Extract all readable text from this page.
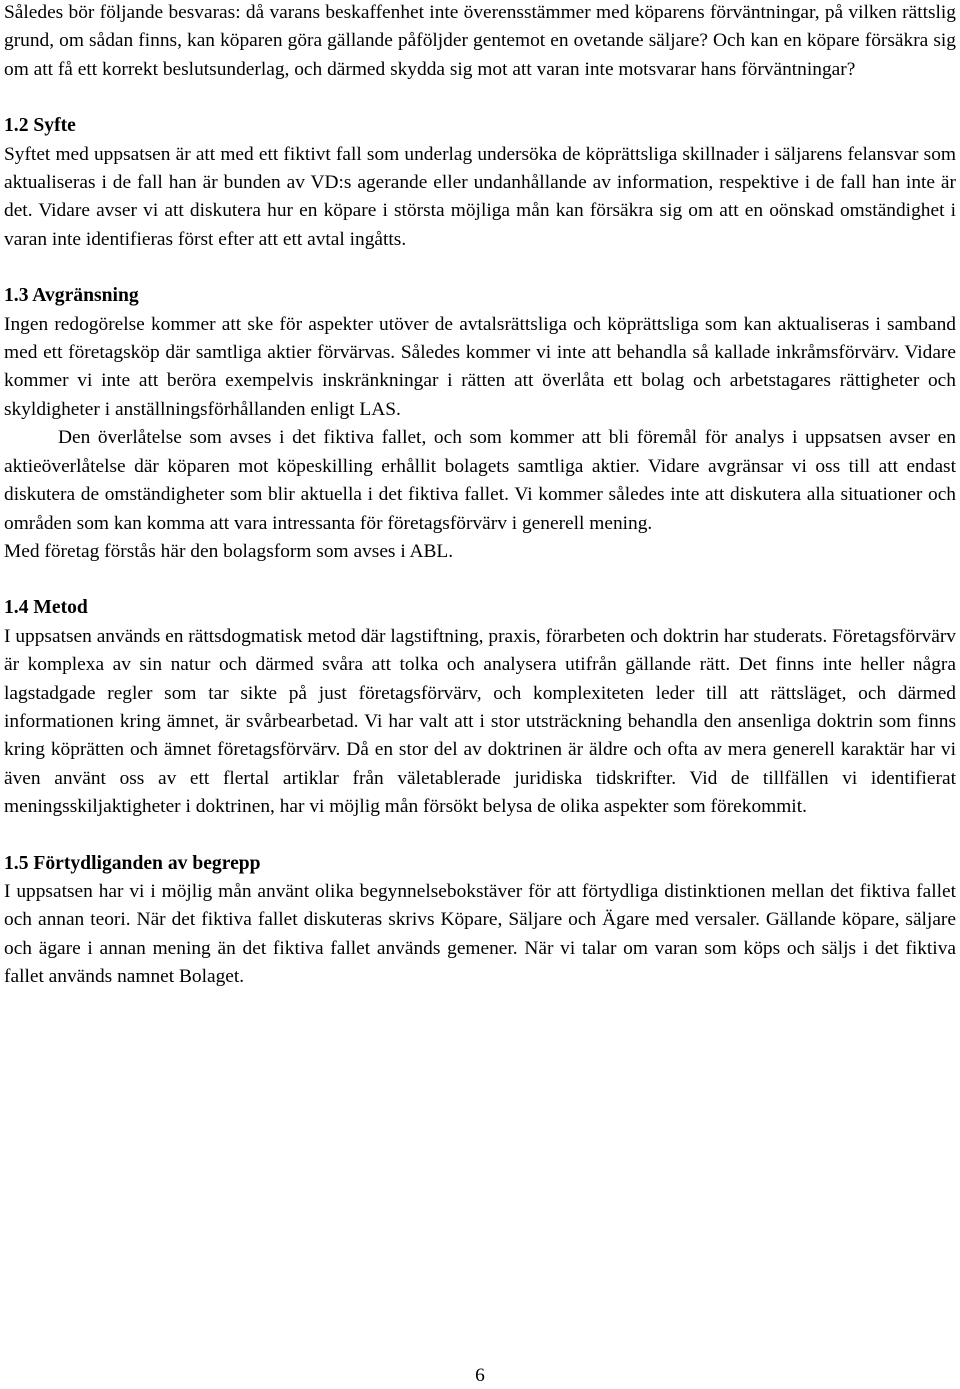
Således bör följande besvaras: då varans beskaffenhet inte överensstämmer med köparens förväntningar, på vilken rättslig grund, om sådan finns, kan köparen göra gällande påföljder gentemot en ovetande säljare? Och kan en köpare försäkra sig om att få ett korrekt beslutsunderlag, och därmed skydda sig mot att varan inte motsvarar hans förväntningar?

1.2 Syfte

Syftet med uppsatsen är att med ett fiktivt fall som underlag undersöka de köprättsliga skillnader i säljarens felansvar som aktualiseras i de fall han är bunden av VD:s agerande eller undanhållande av information, respektive i de fall han inte är det. Vidare avser vi att diskutera hur en köpare i största möjliga mån kan försäkra sig om att en oönskad omständighet i varan inte identifieras först efter att ett avtal ingåtts.

1.3 Avgränsning

Ingen redogörelse kommer att ske för aspekter utöver de avtalsrättsliga och köprättsliga som kan aktualiseras i samband med ett företagsköp där samtliga aktier förvärvas. Således kommer vi inte att behandla så kallade inkråmsförvärv. Vidare kommer vi inte att beröra exempelvis inskränkningar i rätten att överlåta ett bolag och arbetstagares rättigheter och skyldigheter i anställningsförhållanden enligt LAS.

Den överlåtelse som avses i det fiktiva fallet, och som kommer att bli föremål för analys i uppsatsen avser en aktieöverlåtelse där köparen mot köpeskilling erhållit bolagets samtliga aktier. Vidare avgränsar vi oss till att endast diskutera de omständigheter som blir aktuella i det fiktiva fallet. Vi kommer således inte att diskutera alla situationer och områden som kan komma att vara intressanta för företagsförvärv i generell mening.

Med företag förstås här den bolagsform som avses i ABL.

1.4 Metod

I uppsatsen används en rättsdogmatisk metod där lagstiftning, praxis, förarbeten och doktrin har studerats. Företagsförvärv är komplexa av sin natur och därmed svåra att tolka och analysera utifrån gällande rätt. Det finns inte heller några lagstadgade regler som tar sikte på just företagsförvärv, och komplexiteten leder till att rättsläget, och därmed informationen kring ämnet, är svårbearbetad. Vi har valt att i stor utsträckning behandla den ansenliga doktrin som finns kring köprätten och ämnet företagsförvärv. Då en stor del av doktrinen är äldre och ofta av mera generell karaktär har vi även använt oss av ett flertal artiklar från väletablerade juridiska tidskrifter. Vid de tillfällen vi identifierat meningsskiljaktigheter i doktrinen, har vi möjlig mån försökt belysa de olika aspekter som förekommit.

1.5 Förtydliganden av begrepp

I uppsatsen har vi i möjlig mån använt olika begynnelsebokstäver för att förtydliga distinktionen mellan det fiktiva fallet och annan teori. När det fiktiva fallet diskuteras skrivs Köpare, Säljare och Ägare med versaler. Gällande köpare, säljare och ägare i annan mening än det fiktiva fallet används gemener. När vi talar om varan som köps och säljs i det fiktiva fallet används namnet Bolaget.

6
